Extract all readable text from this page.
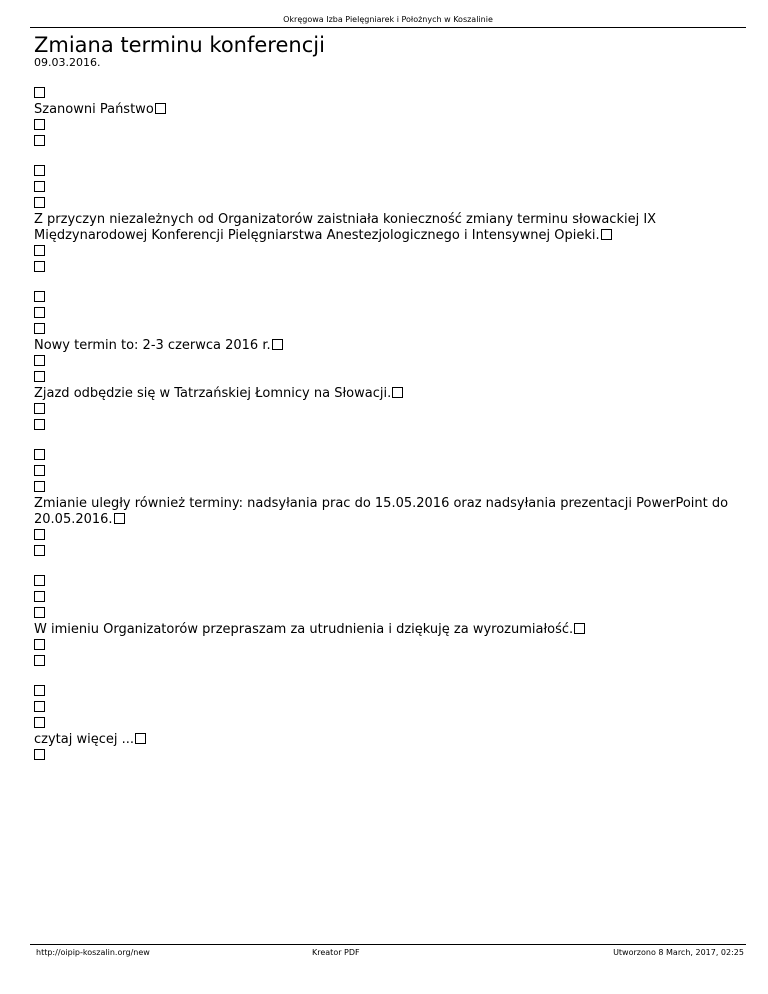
Okręgowa Izba Pielęgniarek i Położnych w Koszalinie
Zmiana terminu konferencji
09.03.2016.
Szanowni Państwo
Z przyczyn niezależnych od Organizatorów zaistniała konieczność zmiany terminu słowackiej IX Międzynarodowej Konferencji Pielęgniarstwa Anestezjologicznego i Intensywnej Opieki.
Nowy termin to: 2-3 czerwca 2016 r.
Zjazd odbędzie się w Tatrzańskiej Łomnicy na Słowacji.
Zmianie uległy również terminy: nadsyłania prac do 15.05.2016 oraz nadsyłania prezentacji PowerPoint do 20.05.2016.
W imieniu Organizatorów przepraszam za utrudnienia i dziękuję za wyrozumiałość.
czytaj więcej ...
http://oipip-koszalin.org/new	Kreator PDF	Utworzono 8 March, 2017, 02:25
